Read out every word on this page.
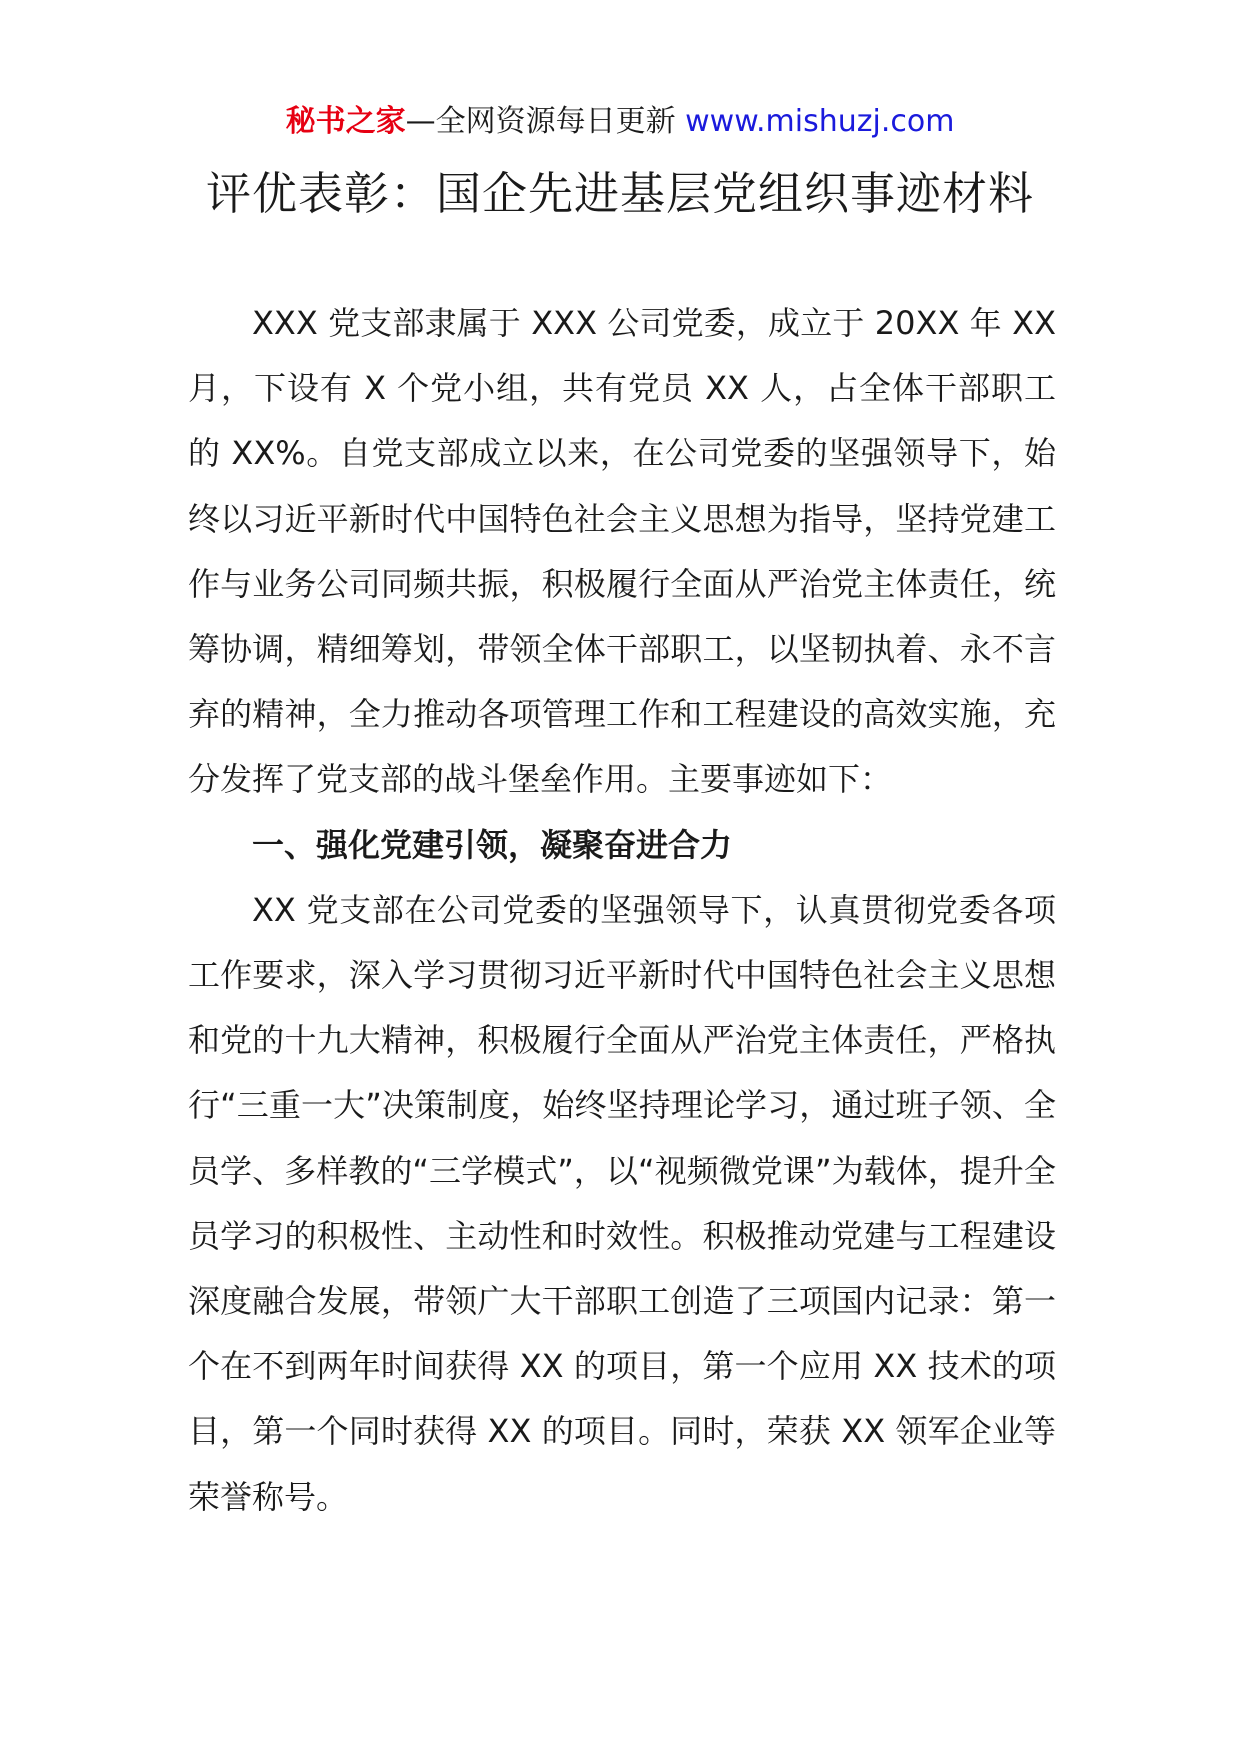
秘书之家—全网资源每日更新 www.mishuzj.com
评优表彰：国企先进基层党组织事迹材料

XXX 党支部隶属于 XXX 公司党委，成立于 20XX 年 XX 月，下设有 X 个党小组，共有党员 XX 人，占全体干部职工的 XX%。自党支部成立以来，在公司党委的坚强领导下，始终以习近平新时代中国特色社会主义思想为指导，坚持党建工作与业务公司同频共振，积极履行全面从严治党主体责任，统筹协调，精细筹划，带领全体干部职工，以坚韧执着、永不言弃的精神，全力推动各项管理工作和工程建设的高效实施，充分发挥了党支部的战斗堡垒作用。主要事迹如下：

一、强化党建引领，凝聚奋进合力

XX 党支部在公司党委的坚强领导下，认真贯彻党委各项工作要求，深入学习贯彻习近平新时代中国特色社会主义思想和党的十九大精神，积极履行全面从严治党主体责任，严格执行“三重一大”决策制度，始终坚持理论学习，通过班子领、全员学、多样教的“三学模式”，以“视频微党课”为载体，提升全员学习的积极性、主动性和时效性。积极推动党建与工程建设深度融合发展，带领广大干部职工创造了三项国内记录：第一个在不到两年时间获得 XX 的项目，第一个应用 XX 技术的项目，第一个同时获得 XX 的项目。同时，荣获 XX 领军企业等荣誉称号。
